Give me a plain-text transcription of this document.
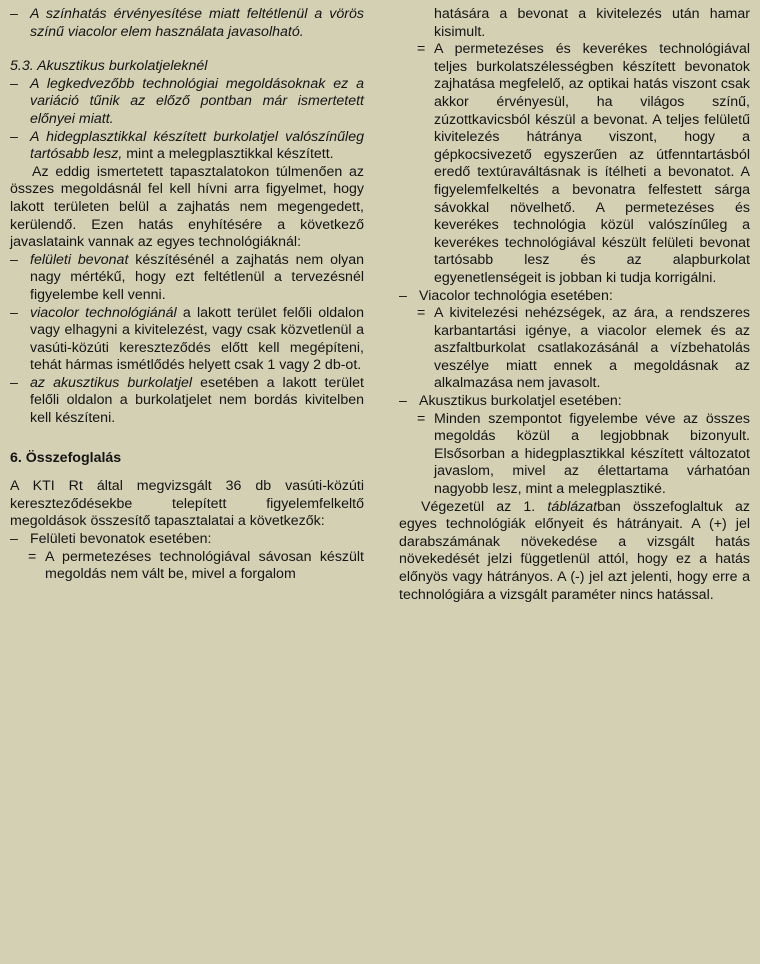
– A színhatás érvényesítése miatt feltétlenül a vörös színű viacolor elem használata javasolható.

5.3. Akusztikus burkolatjeleknél

– A legkedvezőbb technológiai megoldásoknak ez a variáció tűnik az előző pontban már ismertetett előnyei miatt.
– A hidegplasztikkal készített burkolatjel valószínűleg tartósabb lesz, mint a melegplasztikkal készített.

Az eddig ismertetett tapasztalatokon túlmenően az összes megoldásnál fel kell hívni arra figyelmet, hogy lakott területen belül a zajhatás nem megengedett, kerülendő. Ezen hatás enyhítésére a következő javaslataink vannak az egyes technológiáknál:

– felületi bevonat készítésénél a zajhatás nem olyan nagy mértékű, hogy ezt feltétlenül a tervezésnél figyelembe kell venni.
– viacolor technológiánál a lakott terület felőli oldalon vagy elhagyni a kivitelezést, vagy csak közvetlenül a vasúti-közúti kereszteződés előtt kell megépíteni, tehát hármas ismétlődés helyett csak 1 vagy 2 db-ot.
– az akusztikus burkolatjel esetében a lakott terület felőli oldalon a burkolatjelet nem bordás kivitelben kell készíteni.

6. Összefoglalás

A KTI Rt által megvizsgált 36 db vasúti-közúti kereszteződésekbe telepített figyelemfelkeltő megoldások összesítő tapasztalatai a következők:

– Felületi bevonatok esetében:
= A permetezéses technológiával sávosan készült megoldás nem vált be, mivel a forgalom
hatására a bevonat a kivitelezés után hamar kisimult.
= A permetezéses és keverékes technológiával teljes burkolatszélességben készített bevonatok zajhatása megfelelő, az optikai hatás viszont csak akkor érvényesül, ha világos színű, zúzottkavicsból készül a bevonat. A teljes felületű kivitelezés hátránya viszont, hogy a gépkocsivezető egyszerűen az útfenntartásból eredő textúraváltásnak is ítélheti a bevonatot. A figyelemfelkeltés a bevonatra felfestett sárga sávokkal növelhető. A permetezéses és keverékes technológia közül valószínűleg a keverékes technológiával készült felületi bevonat tartósabb lesz és az alapburkolat egyenetlenségeit is jobban ki tudja korrigálni.
– Viacolor technológia esetében:
= A kivitelezési nehézségek, az ára, a rendszeres karbantartási igénye, a viacolor elemek és az aszfaltburkolat csatlakozásánál a vízbehatolás veszélye miatt ennek a megoldásnak az alkalmazása nem javasolt.
– Akusztikus burkolatjel esetében:
= Minden szempontot figyelembe véve az összes megoldás közül a legjobbnak bizonyult. Elsősorban a hidegplasztikkal készített változatot javaslom, mivel az élettartama várhatóan nagyobb lesz, mint a melegplasztiké.

Végezetül az 1. táblázatban összefoglaltuk az egyes technológiák előnyeit és hátrányait. A (+) jel darabszámának növekedése a vizsgált hatás növekedését jelzi függetlenül attól, hogy ez a hatás előnyös vagy hátrányos. A (-) jel azt jelenti, hogy erre a technológiára a vizsgált paraméter nincs hatással.
